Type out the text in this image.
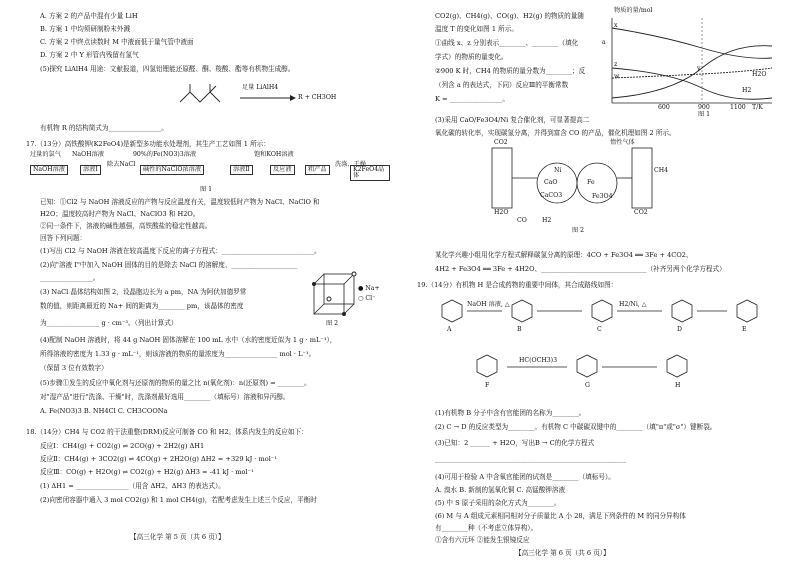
A. 方案 2 的产品中混有少量 LiH
B. 方案 1 中均须研制粉末外溅
C. 方案 2 中终点读数时 M 中液面低于量气管中液面
D. 方案 2 中 Y 形管内残留有氢气
(5)探究 LiAlH4 用途：文献报道，四氢铝锂能还原醛、酮、羧酸、酯等有机物生成醇。
足量 LiAlH4
R + CH3OH
有机物 R 的结构简式为________________。
17.（13分）高铁酸钾(K2FeO4)是新型多功能水处理剂，其生产工艺如图 1 所示：
过量的氯气 NaOH溶液	90%的Fe(NO3)3溶液	饱和KOH溶液
NaOH溶液	溶液Ⅰ
除去NaCl
碱性的NaClO浓溶液	溶液Ⅱ	反应液	粗产品
洗涤、干燥
K2FeO4晶体
图 1
已知：①Cl2 与 NaOH 溶液反应的产物与反应温度有关，温度较低时产物为 NaCl、NaClO 和
H2O；温度较高时产物为 NaCl、NaClO3 和 H2O。
②同一条件下，溶液的碱性越强，高铁酸盐的稳定性越高。
回答下列问题：
(1)写出 Cl2 与 NaOH 溶液在较高温度下反应的离子方程式：____________________________。
(2)向"溶液 I"中加入 NaOH 固体的目的是除去 NaCl 的溶解度、____________________
________________。
(3) NaCl 晶体结构如图 2，设晶胞边长为 a pm，NA 为阿伏加德罗常
数的值，则距离最近的 Na+ 间的距离为________ pm，该晶体的密度
为________________ g · cm⁻³。（列出计算式）	图 2
● Na+
○ Cl⁻
(4)配制 NaOH 溶液时，将 44 g NaOH 固体溶解在 100 mL 水中（水的密度近似为 1 g · mL⁻¹），
所得溶液的密度为 1.33 g · mL⁻¹，则该溶液的物质的量浓度为________________ mol · L⁻¹。
（保留 3 位有效数字）
(5)步骤①发生的反应中氧化剂与还原剂的物质的量之比 n(氧化剂)：n(还原剂) = ________。
对"湿产品"进行"洗涤、干燥"时，洗涤剂最好选用________（填标号）溶液和异丙醇。
A. Fe(NO3)3 B. NH4Cl C. CH3COONa
18.（14分）CH4 与 CO2 的干法重整(DRM)反应可制备 CO 和 H2。体系内发生的反应如下：
反应Ⅰ：CH4(g) + CO2(g) ⇌ 2CO(g) + 2H2(g) ΔH1
反应Ⅱ：CH4(g) + 3CO2(g) ⇌ 4CO(g) + 2H2O(g) ΔH2 = +329 kJ · mol⁻¹
反应Ⅲ：CO(g) + H2O(g) ⇌ CO2(g) + H2(g) ΔH3 = -41 kJ · mol⁻¹
(1) ΔH1 = ________________（用含 ΔH2、ΔH3 的表达式）。
(2)向密闭容器中通入 3 mol CO2(g) 和 1 mol CH4(g)，若配考虑发生上述三个反应，平衡时
【高三化学 第 5 页（共 6 页）】
CO2(g)、CH4(g)、CO(g)、H2(g) 的物质的量随
温度 T 的变化如图 1 所示。
①曲线 x、z 分别表示________、________（填化
学式）的物质的量变化。
②900 K 时，CH4 的物质的量分数为________；反
（列含 a 的表达式，下同）反应Ⅲ的平衡常数
K = ________________。
物质的量/mol
T/K
600	900	1100
x
y
z
w	H2O
H2
a
图 1
(3)采用 CaO/Fe3O4/Ni 复合催化剂，可显著提高二
氧化碳的转化率，实现碳氢分离，并得到富含 CO 的产品，催化机理如图 2 所示。
CO2
H2O
CO H2
Fe
CaO
Ni
CaCO3	Fe3O4
惰性气体
CO2
CH4
图 2
某化学兴趣小组用化学方程式解释碳氢分离的原理：4CO + Fe3O4 ══ 3Fe + 4CO2、
4H2 + Fe3O4 ══ 3Fe + 4H2O、________________________________（补齐另两个化学方程式）
19.（14分）有机物 H 是合成药物的重要中间体，其合成路线如图：
A	B	C	D	E
F	G	H
NaOH 溶液, △	H2/Ni, △
HC(OCH3)3
(1)有机物 B 分子中含有官能团的名称为________。
(2) C → D 的反应类型为________。有机物 C 中碳碳双键中的________（填"π"或"σ"）键断裂。
(3)已知：2 ______ + H2O，写出B → C的化学方程式
__________________________________________________________
(4)可用于检验 A 中含氧官能团的试剂是________（填标号）。
A. 溴水 B. 新制的氢氧化铜 C. 高锰酸钾溶液
(5) 中 S 原子采用的杂化方式为________。
(6) M 与 A 组成元素相同相对分子质量比 A 小 28，满足下列条件的 M 的同分异构体
有________种（不考虑立体异构）。
①含有六元环 ②能发生银镜反应
【高三化学 第 6 页（共 6 页）】
